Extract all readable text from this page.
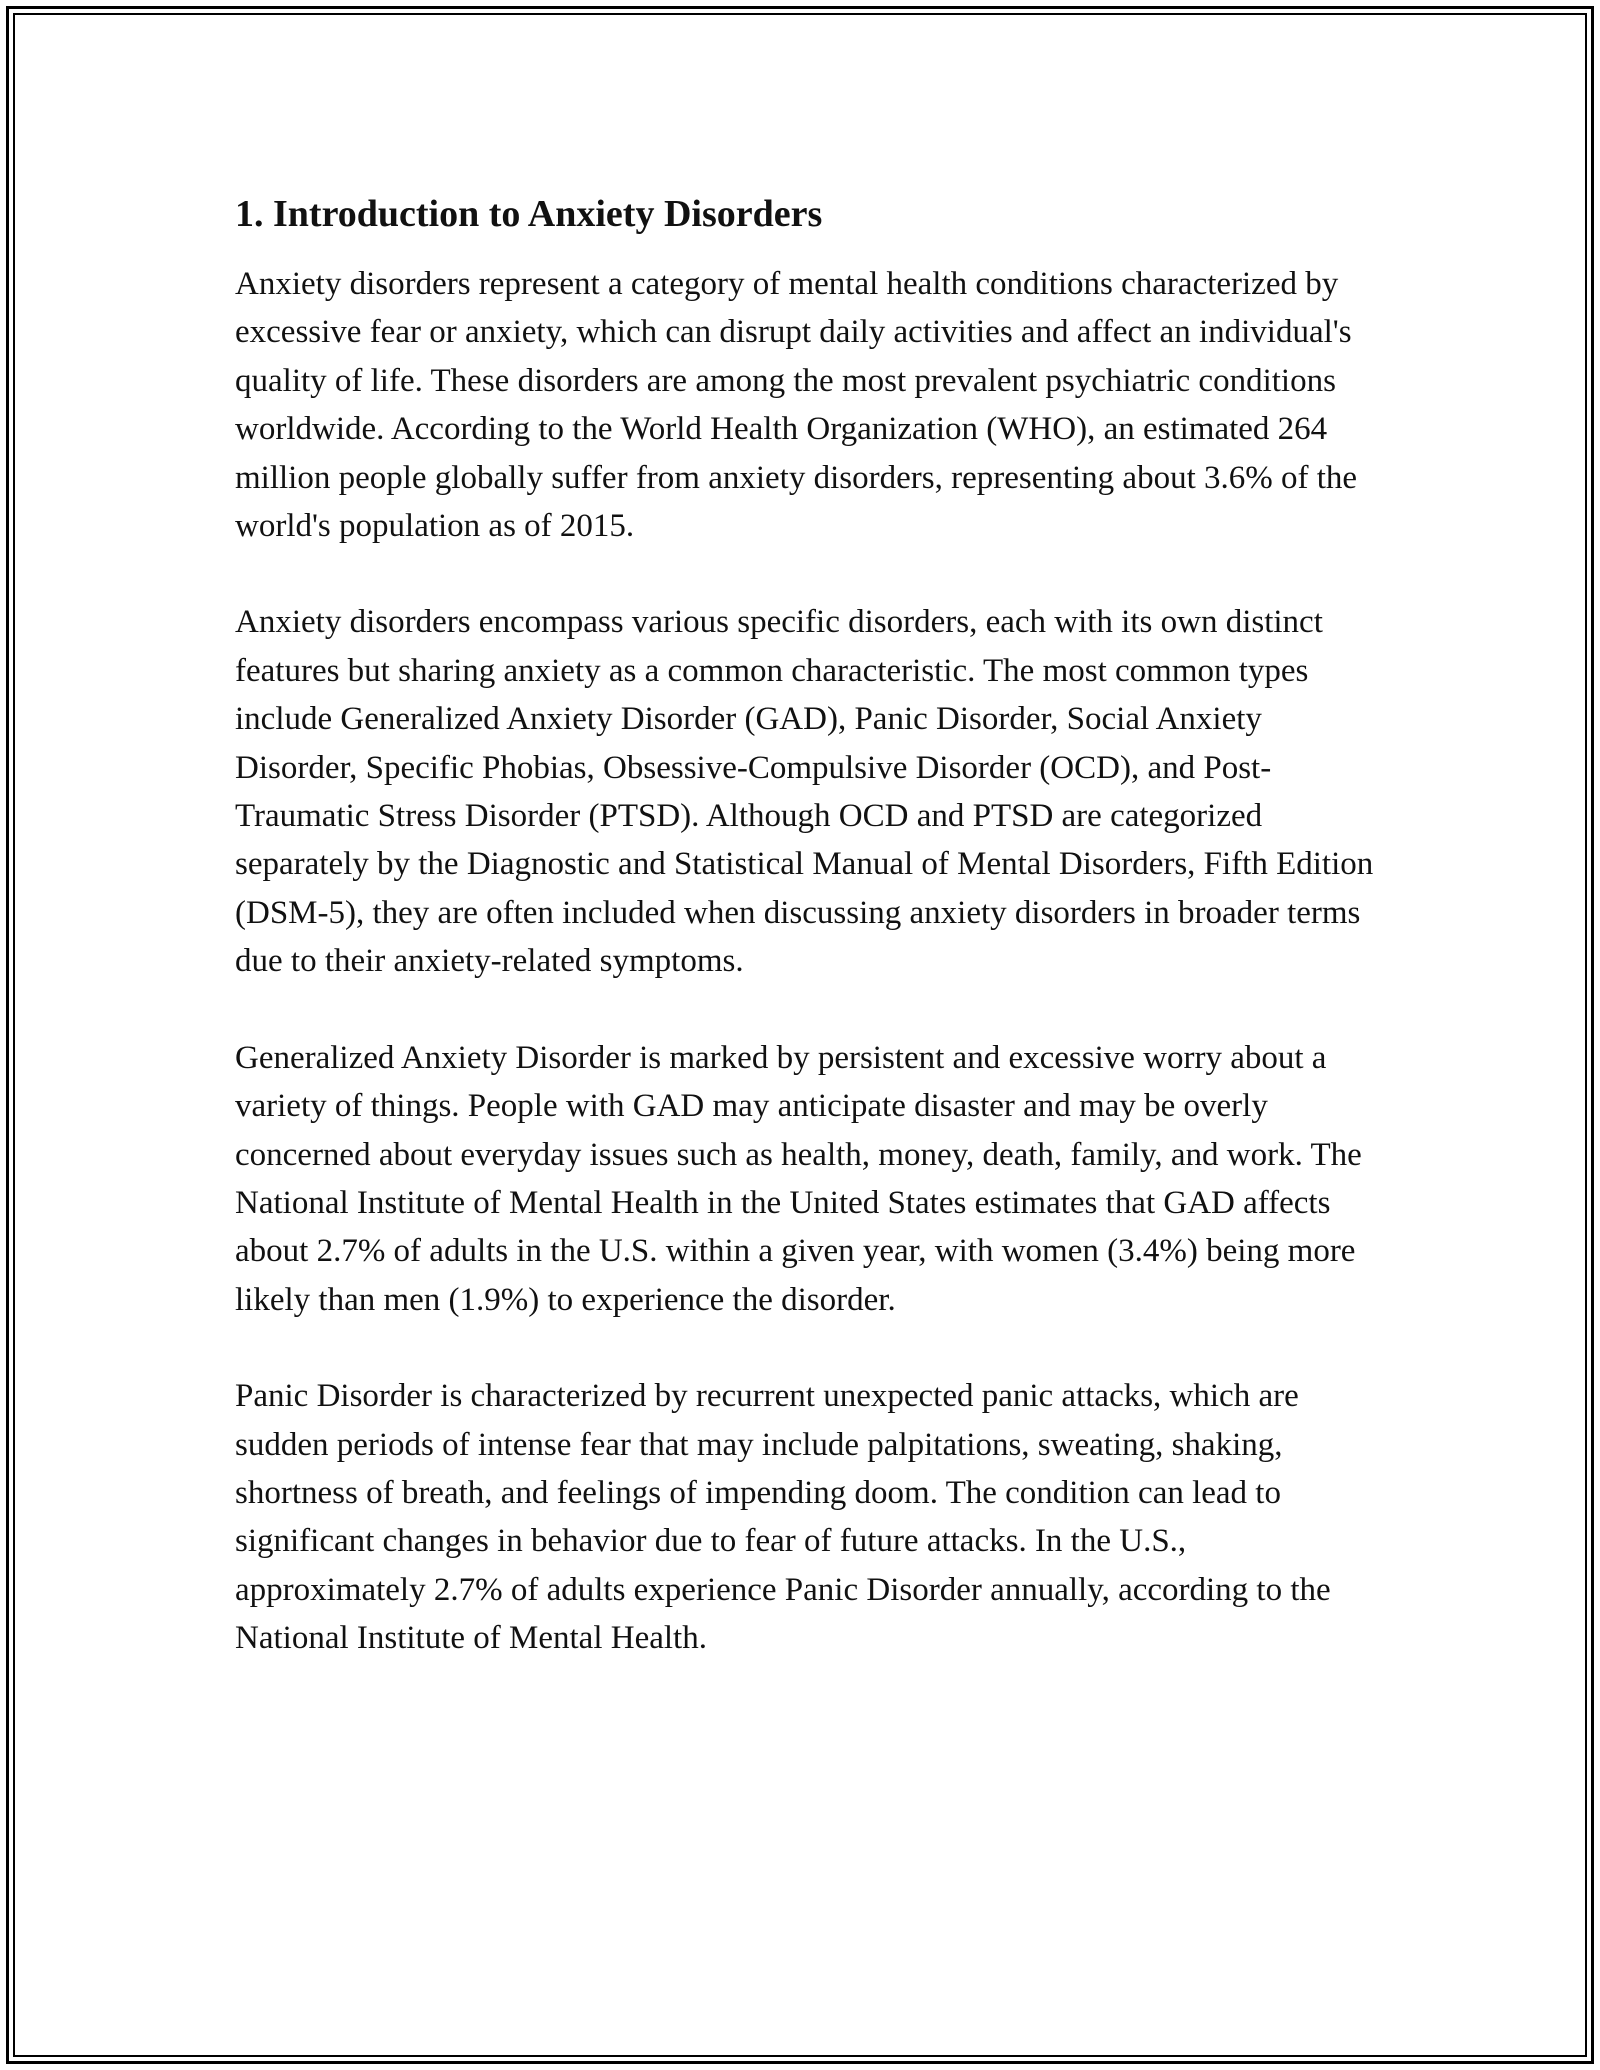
1. Introduction to Anxiety Disorders

Anxiety disorders represent a category of mental health conditions characterized by excessive fear or anxiety, which can disrupt daily activities and affect an individual's quality of life. These disorders are among the most prevalent psychiatric conditions worldwide. According to the World Health Organization (WHO), an estimated 264 million people globally suffer from anxiety disorders, representing about 3.6% of the world's population as of 2015.

Anxiety disorders encompass various specific disorders, each with its own distinct features but sharing anxiety as a common characteristic. The most common types include Generalized Anxiety Disorder (GAD), Panic Disorder, Social Anxiety Disorder, Specific Phobias, Obsessive-Compulsive Disorder (OCD), and Post-Traumatic Stress Disorder (PTSD). Although OCD and PTSD are categorized separately by the Diagnostic and Statistical Manual of Mental Disorders, Fifth Edition (DSM-5), they are often included when discussing anxiety disorders in broader terms due to their anxiety-related symptoms.

Generalized Anxiety Disorder is marked by persistent and excessive worry about a variety of things. People with GAD may anticipate disaster and may be overly concerned about everyday issues such as health, money, death, family, and work. The National Institute of Mental Health in the United States estimates that GAD affects about 2.7% of adults in the U.S. within a given year, with women (3.4%) being more likely than men (1.9%) to experience the disorder.

Panic Disorder is characterized by recurrent unexpected panic attacks, which are sudden periods of intense fear that may include palpitations, sweating, shaking, shortness of breath, and feelings of impending doom. The condition can lead to significant changes in behavior due to fear of future attacks. In the U.S., approximately 2.7% of adults experience Panic Disorder annually, according to the National Institute of Mental Health.
